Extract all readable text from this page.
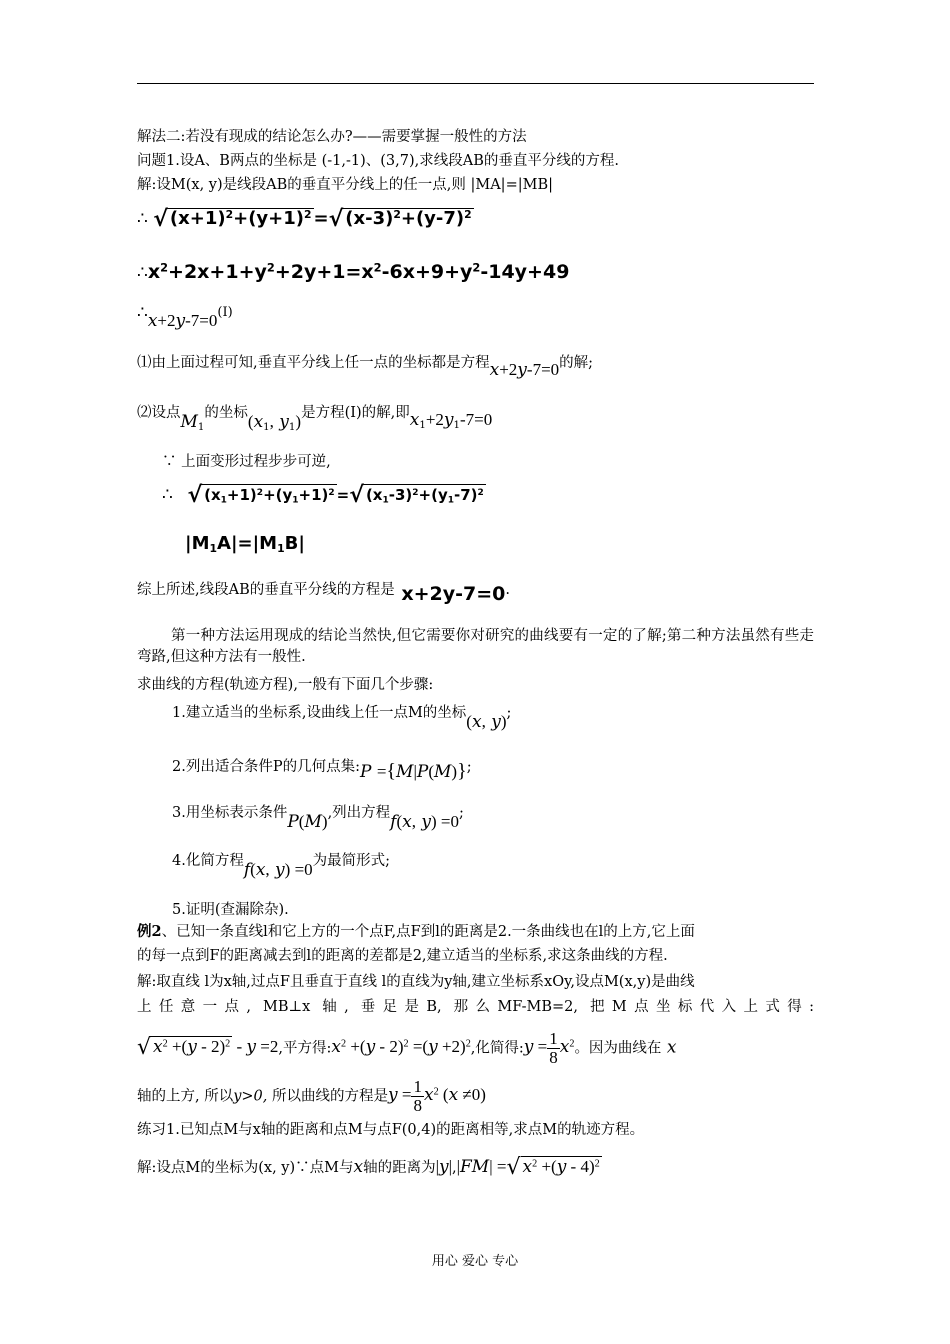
解法二:若没有现成的结论怎么办?——需要掌握一般性的方法
问题1.设A、B两点的坐标是 (-1,-1)、(3,7),求线段AB的垂直平分线的方程.
解:设M(x, y)是线段AB的垂直平分线上的任一点,则 |MA|=|MB|
∴ √ $(x+1)^2+(y+1)^2$ =√ $(x-3)^2+(y-7)^2$
$\therefore x^2+2x+1+y^2+2y+1=x^2-6x+9+y^2-14y+49$
∴x+2y-7=0(Ⅰ)
⑴由上面过程可知,垂直平分线上任一点的坐标都是方程x+2y-7=0的解;
⑵设点$M_1$的坐标($x_1$, $y_1$)是方程(Ⅰ)的解,即$x_1+2y_1-7=0$
∵ 上面变形过程步步可逆,
∴ √ $(x_1+1)^2+(y_1+1)^2$ =√ $(x_1-3)^2+(y_1-7)^2$
$|M_1A|=|M_1B|$
综上所述,线段AB的垂直平分线的方程是 x+2y-7=0.
第一种方法运用现成的结论当然快,但它需要你对研究的曲线要有一定的了解;第二种方法虽然有些走弯路,但这种方法有一般性.
求曲线的方程(轨迹方程),一般有下面几个步骤:
1.建立适当的坐标系,设曲线上任一点M的坐标(x, y);
2.列出适合条件P的几何点集:P ={M|P(M)};
3.用坐标表示条件P(M),列出方程f(x, y) =0;
4.化简方程f(x, y) =0为最简形式;
5.证明(查漏除杂).
例2、已知一条直线l和它上方的一个点F,点F到l的距离是2.一条曲线也在l的上方,它上面
的每一点到F的距离减去到l的距离的差都是2,建立适当的坐标系,求这条曲线的方程.
解:取直线 l为x轴,过点F且垂直于直线 l的直线为y轴,建立坐标系xOy,设点M(x,y)是曲线
上任意一点, MB⊥x 轴, 垂足是B, 那么MF-MB=2, 把M点坐标代入上式得:
√ $x^2 +(y - 2)^2 - y =2$,平方得$:x^2 +(y - 2)^2 =(y +2)^2$,化简得:y = $\frac{1}{8} x^2$。因为曲线在 x
轴的上方, 所以y>0, 所以曲线的方程是$y = \frac{1}{8} x^2$ (x ≠0)
练习1.已知点M与x轴的距离和点M与点F(0,4)的距离相等,求点M的轨迹方程。
解:设点M的坐标为(x, y)∵点M与x轴的距离为|y|,|FM| =√ $x^2 +(y - 4)^2$
用心 爱心 专心
